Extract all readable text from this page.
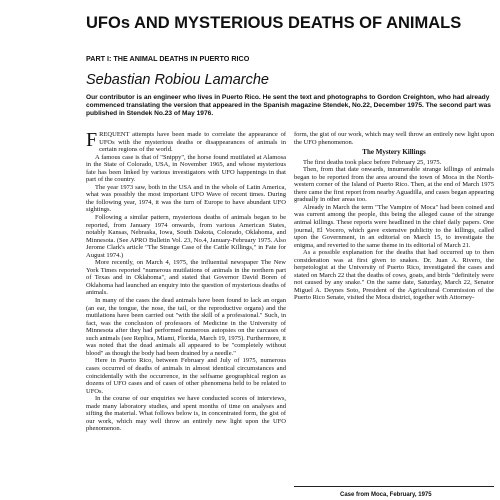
UFOs AND MYSTERIOUS DEATHS OF ANIMALS
PART I: THE ANIMAL DEATHS IN PUERTO RICO
Sebastian Robiou Lamarche

Our contributor is an engineer who lives in Puerto Rico. He sent the text and photographs to Gordon Creighton, who had already commenced translating the version that appeared in the Spanish magazine Stendek, No.22, December 1975. The second part was published in Stendek No.23 of May 1976.

FREQUENT attempts have been made to correlate the appearance of UFOs with the mysterious deaths or disappearances of animals in certain regions of the world.

A famous case is that of "Snippy", the horse found mutilated at Alamosa in the State of Colorado, USA, in November 1965, and whose mysterious fate has been linked by various investigators with UFO happenings in that part of the country.

The year 1973 saw, both in the USA and in the whole of Latin America, what was possibly the most important UFO Wave of recent times. During the following year, 1974, it was the turn of Europe to have abundant UFO sightings.

Following a similar pattern, mysterious deaths of animals began to be reported, from January 1974 onwards, from various American States, notably Kansas, Nebraska, Iowa, South Dakota, Colorado, Oklahoma, and Minnesota. (See APRO Bulletin Vol. 23, No.4, January-February 1975. Also Jerome Clark's article "The Strange Case of the Cattle Killings," in Fate for August 1974.)

More recently, on March 4, 1975, the influential newspaper The New York Times reported "numerous mutilations of animals in the northern part of Texas and in Oklahoma", and stated that Governor David Boren of Oklahoma had launched an enquiry into the question of mysterious deaths of animals.

In many of the cases the dead animals have been found to lack an organ (an ear, the tongue, the nose, the tail, or the reproductive organs) and the mutilations have been carried out "with the skill of a professional." Such, in fact, was the conclusion of professors of Medicine in the University of Minnesota after they had performed numerous autopsies on the carcases of such animals (see Replica, Miami, Florida, March 19, 1975). Furthermore, it was noted that the dead animals all appeared to be "completely without blood" as though the body had been drained by a needle."

Here in Puerto Rico, between February and July of 1975, numerous cases occurred of deaths of animals in almost identical circumstances and coincidentally with the occurrence, in the selfsame geographical region as dozens of UFO cases and of cases of other phenomena held to be related to UFOs.

In the course of our enquiries we have conducted scores of interviews, made many laboratory studies, and spent months of time on analyses and sifting the material. What follows below is, in concentrated form, the gist of our work, which may well throw an entirely new light upon the UFO phenomenon.

form, the gist of our work, which may well throw an entirely new light upon the UFO phenomenon.

The Mystery Killings

The first deaths took place before February 25, 1975.

Then, from that date onwards, innumerable strange killings of animals began to be reported from the area around the town of Moca in the North-western corner of the Island of Puerto Rico. Then, at the end of March 1975 there came the first report from nearby Aguadilla, and cases began appearing gradually in other areas too.

Already in March the term "The Vampire of Moca" had been coined and was current among the people, this being the alleged cause of the strange animal killings. These reports were headlined in the chief daily papers. One journal, El Vocero, which gave extensive publicity to the killings, called upon the Government, in an editorial on March 15, to investigate the enigma, and reverted to the same theme in its editorial of March 21.

As a possible explanation for the deaths that had occurred up to then consideration was at first given to snakes. Dr. Juan A. Rivero, the herpetologist at the University of Puerto Rico, investigated the cases and stated on March 22 that the deaths of cows, goats, and birds "definitely were not caused by any snake." On the same date, Saturday, March 22, Senator Miguel A. Deynes Soto, President of the Agricultural Commission of the Puerto Rico Senate, visited the Moca district, together with Attorney-

Case from Moca, February, 1975
